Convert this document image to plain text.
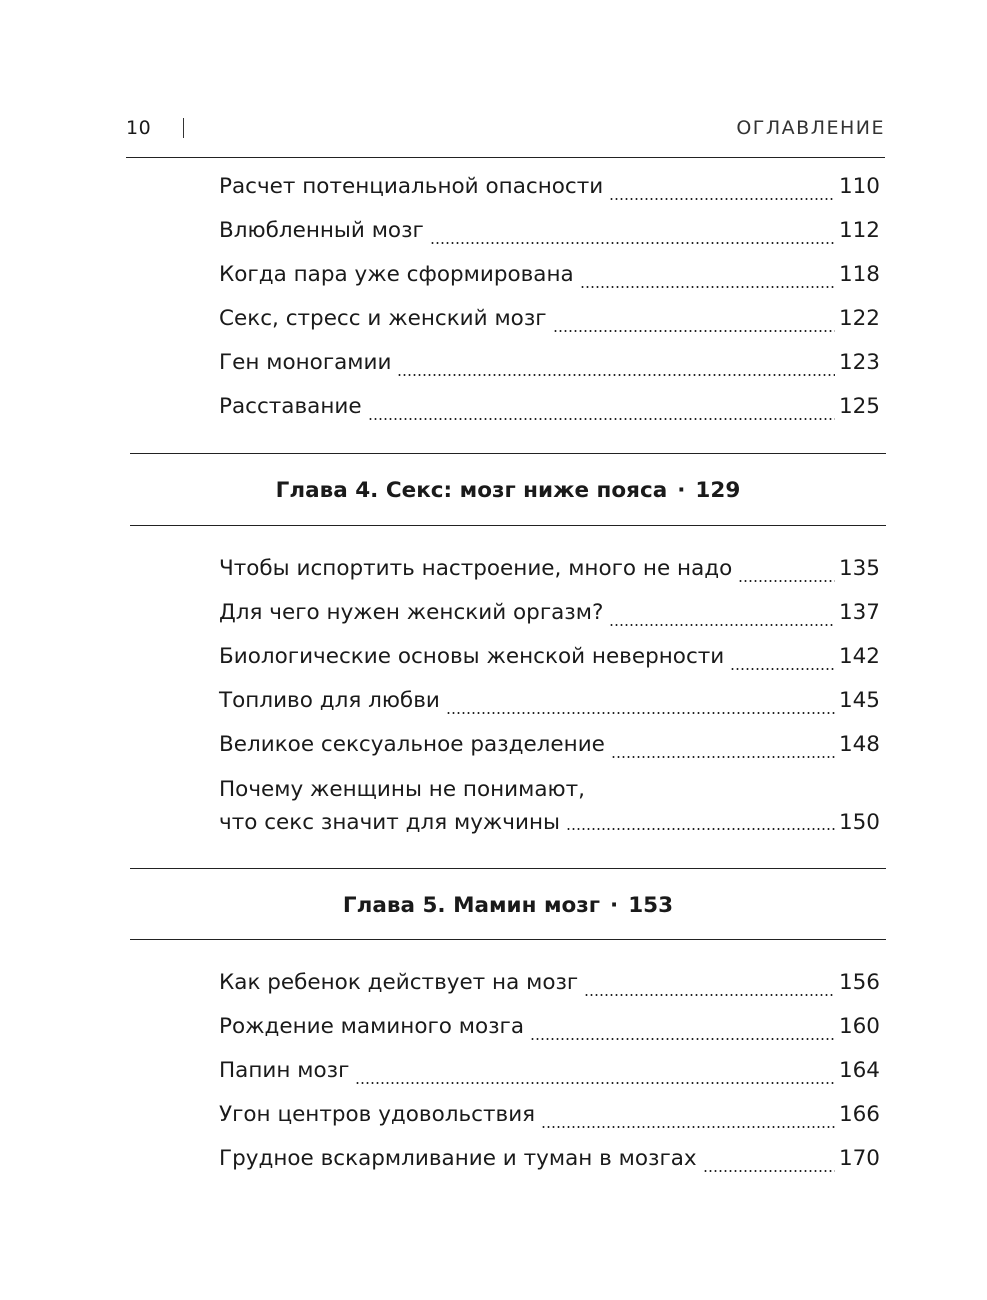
10	ОГЛАВЛЕНИЕ
Расчет потенциальной опасности	110
Влюбленный мозг	112
Когда пара уже сформирована	118
Секс, стресс и женский мозг	122
Ген моногамии	123
Расставание	125
Глава 4. Секс: мозг ниже пояса · 129
Чтобы испортить настроение, много не надо	135
Для чего нужен женский оргазм?	137
Биологические основы женской неверности	142
Топливо для любви	145
Великое сексуальное разделение	148
Почему женщины не понимают,
что секс значит для мужчины	150
Глава 5. Мамин мозг · 153
Как ребенок действует на мозг	156
Рождение маминого мозга	160
Папин мозг	164
Угон центров удовольствия	166
Грудное вскармливание и туман в мозгах	170
